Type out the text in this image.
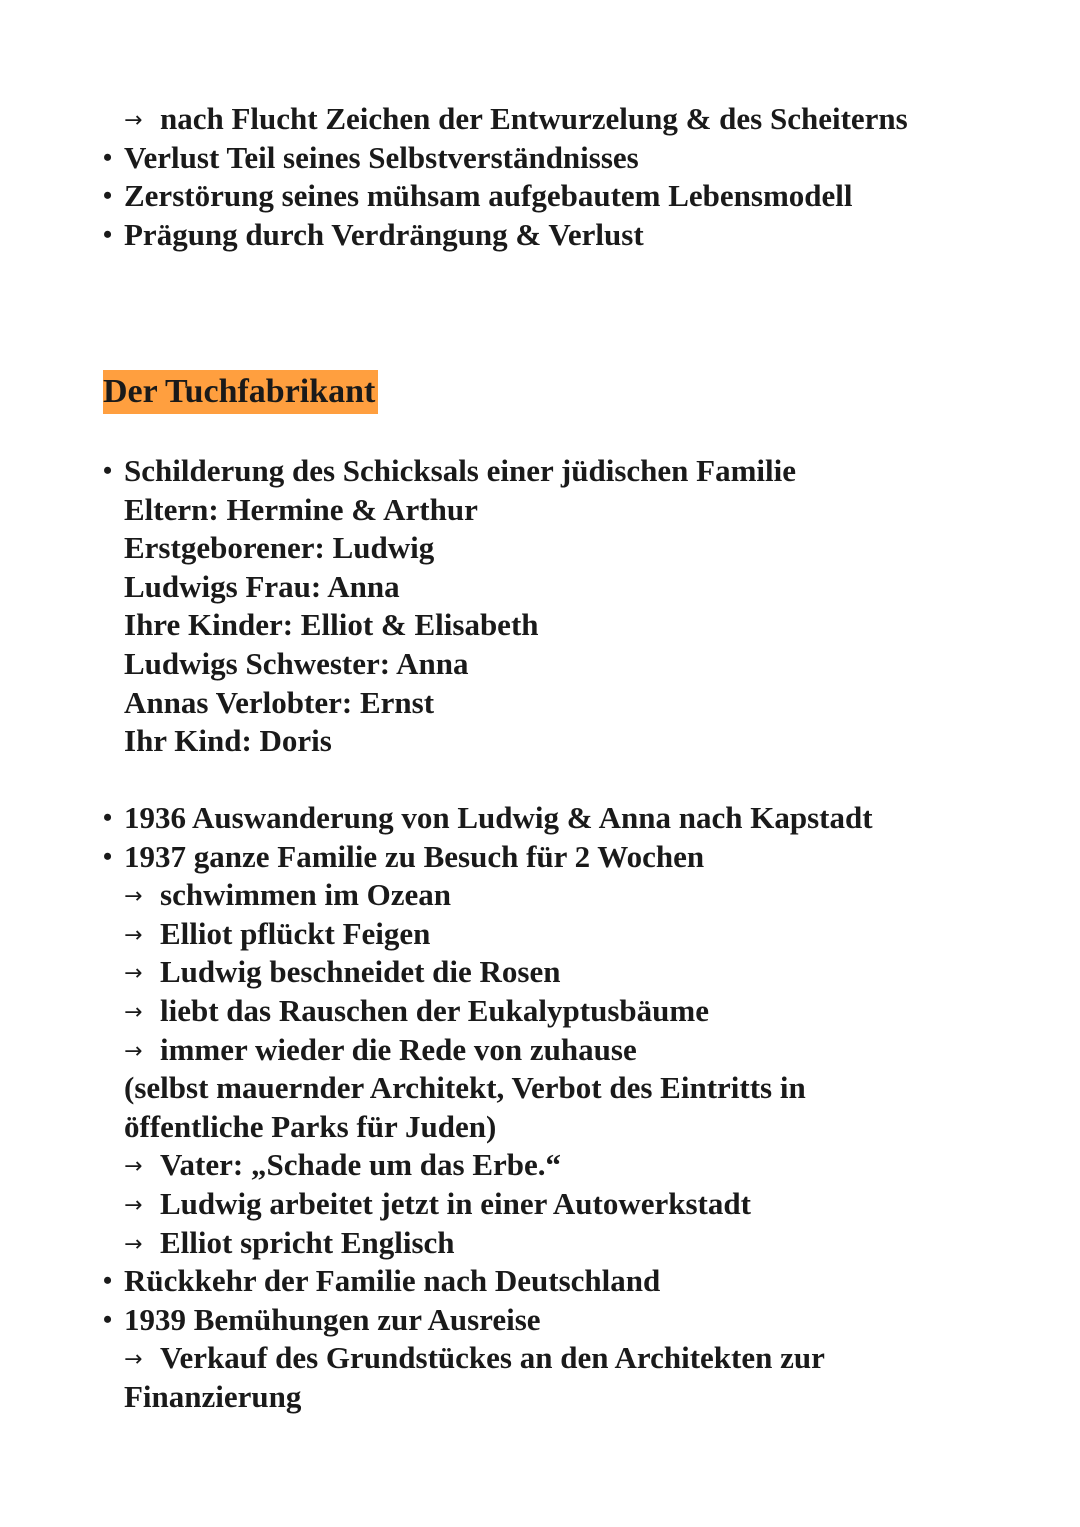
→ nach Flucht Zeichen der Entwurzelung & des Scheiterns
• Verlust Teil seines Selbstverständnisses
• Zerstörung seines mühsam aufgebautem Lebensmodell
• Prägung durch Verdrängung & Verlust
Der Tuchfabrikant
• Schilderung des Schicksals einer jüdischen Familie
Eltern: Hermine & Arthur
Erstgeborener: Ludwig
Ludwigs Frau: Anna
Ihre Kinder: Elliot & Elisabeth
Ludwigs Schwester: Anna
Annas Verlobter: Ernst
Ihr Kind: Doris
• 1936 Auswanderung von Ludwig & Anna nach Kapstadt
• 1937 ganze Familie zu Besuch für 2 Wochen
→ schwimmen im Ozean
→ Elliot pflückt Feigen
→ Ludwig beschneidet die Rosen
→ liebt das Rauschen der Eukalyptusbäume
→ immer wieder die Rede von zuhause
(selbst mauernder Architekt, Verbot des Eintritts in
öffentliche Parks für Juden)
→ Vater: „Schade um das Erbe.“
→ Ludwig arbeitet jetzt in einer Autowerkstadt
→ Elliot spricht Englisch
• Rückkehr der Familie nach Deutschland
• 1939 Bemühungen zur Ausreise
→ Verkauf des Grundstückes an den Architekten zur
Finanzierung
